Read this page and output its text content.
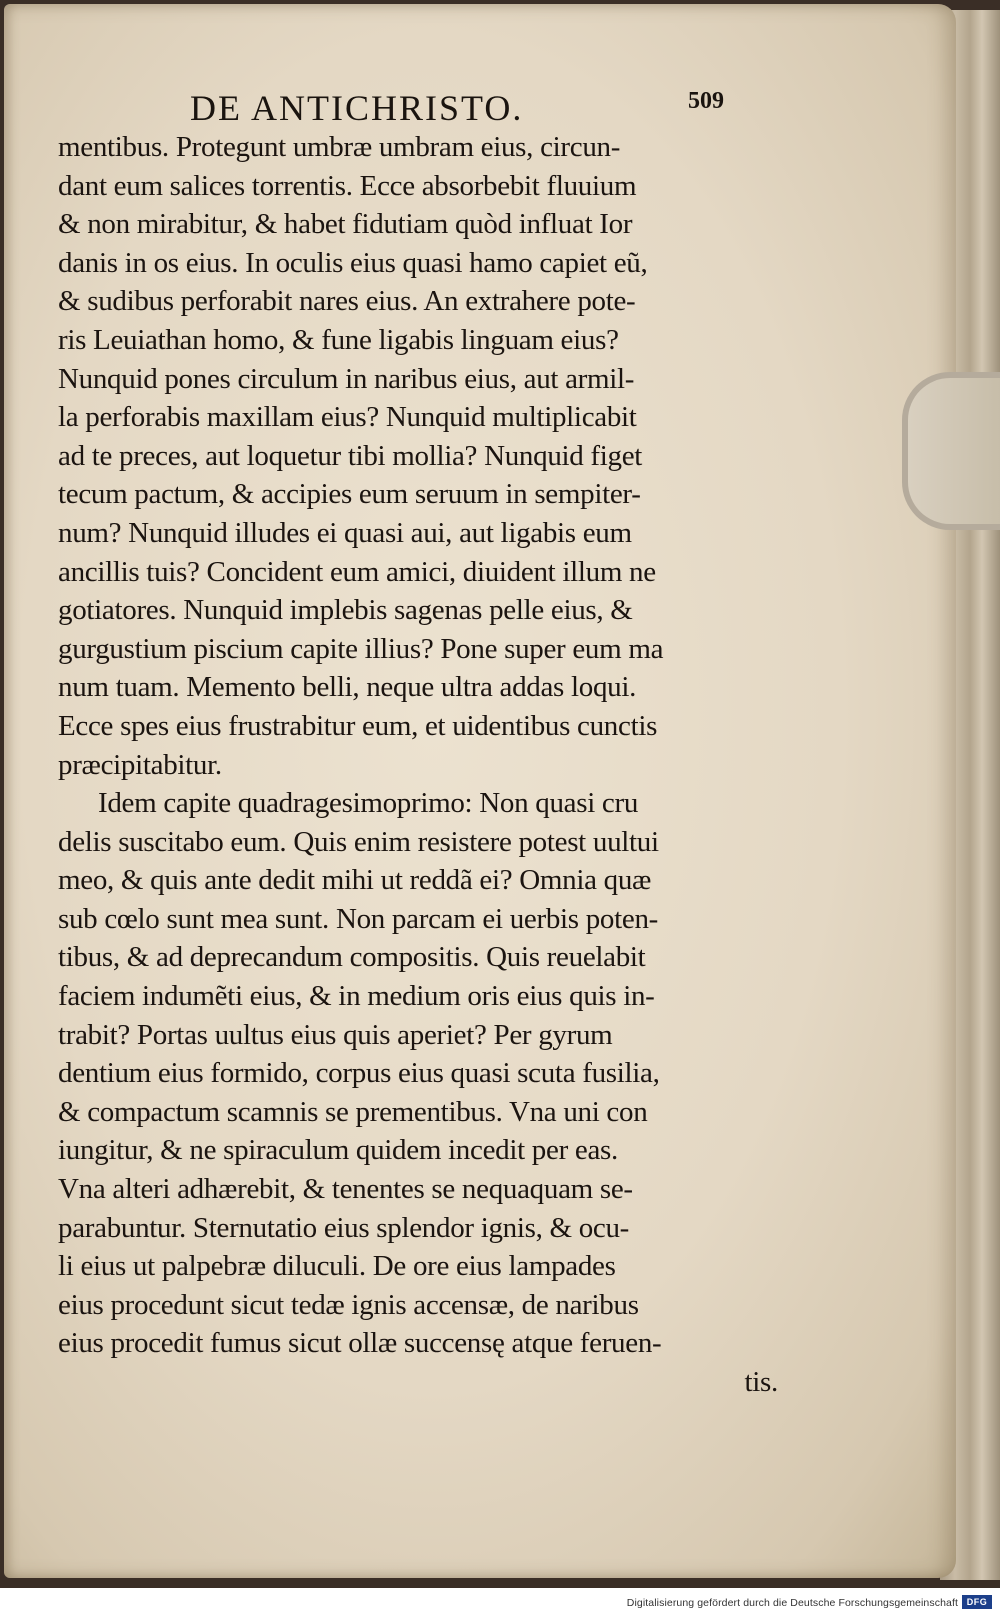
DE ANTICHRISTO.	509
mentibus. Protegunt umbræ umbram eius, circun-
dant eum salices torrentis. Ecce absorbebit fluuium
& non mirabitur, & habet fidutiam quòd influat Ior
danis in os eius. In oculis eius quasi hamo capiet eũ,
& sudibus perforabit nares eius. An extrahere pote-
ris Leuiathan homo, & fune ligabis linguam eius?
Nunquid pones circulum in naribus eius, aut armil-
la perforabis maxillam eius? Nunquid multiplicabit
ad te preces, aut loquetur tibi mollia? Nunquid figet
tecum pactum, & accipies eum seruum in sempiter-
num? Nunquid illudes ei quasi aui, aut ligabis eum
ancillis tuis? Concident eum amici, diuident illum ne
gotiatores. Nunquid implebis sagenas pelle eius, &
gurgustium piscium capite illius? Pone super eum ma
num tuam. Memento belli, neque ultra addas loqui.
Ecce spes eius frustrabitur eum, et uidentibus cunctis
præcipitabitur.
Idem capite quadragesimoprimo: Non quasi cru
delis suscitabo eum. Quis enim resistere potest uultui
meo, & quis ante dedit mihi ut reddã ei? Omnia quæ
sub cœlo sunt mea sunt. Non parcam ei uerbis poten-
tibus, & ad deprecandum compositis. Quis reuelabit
faciem indumẽti eius, & in medium oris eius quis in-
trabit? Portas uultus eius quis aperiet? Per gyrum
dentium eius formido, corpus eius quasi scuta fusilia,
& compactum scamnis se prementibus. Vna uni con
iungitur, & ne spiraculum quidem incedit per eas.
Vna alteri adhærebit, & tenentes se nequaquam se-
parabuntur. Sternutatio eius splendor ignis, & ocu-
li eius ut palpebræ diluculi. De ore eius lampades
eius procedunt sicut tedæ ignis accensæ, de naribus
eius procedit fumus sicut ollæ succensę atque feruen-
tis.
Digitalisierung gefördert durch die Deutsche Forschungsgemeinschaft DFG
